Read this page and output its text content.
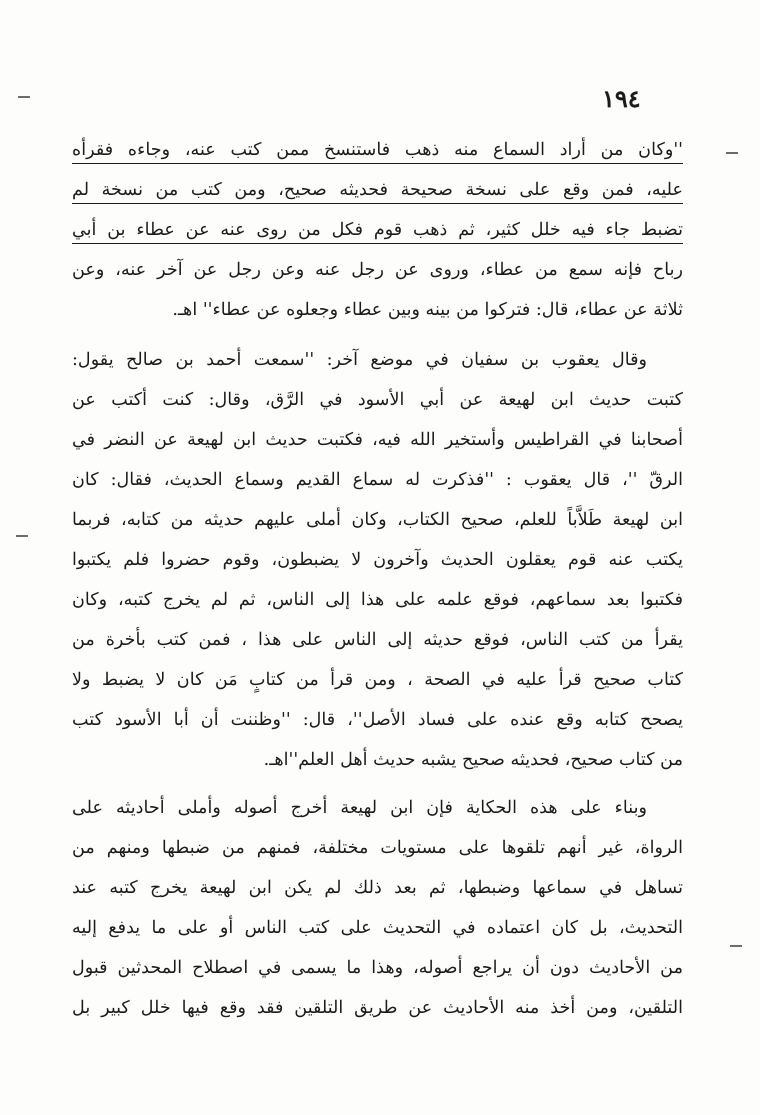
١٩٤
''وكان من أراد السماع منه ذهب فاستنسخ ممن كتب عنه، وجاءه فقرأه
عليه، فمن وقع على نسخة صحيحة فحديثه صحيح، ومن كتب من نسخة لم
تضبط جاء فيه خلل كثير، ثم ذهب قوم فكل من روى عنه عن عطاء بن أبي
رباح فإنه سمع من عطاء، وروى عن رجل عنه وعن رجل عن آخر عنه، وعن
ثلاثة عن عطاء، قال: فتركوا من بينه وبين عطاء وجعلوه عن عطاء'' اهـ.
وقال يعقوب بن سفيان في موضع آخر: ''سمعت أحمد بن صالح يقول:
كتبت حديث ابن لهيعة عن أبي الأسود في الرَّق، وقال: كنت أكتب عن
أصحابنا في القراطيس وأستخير الله فيه، فكتبت حديث ابن لهيعة عن النضر في
الرقّ ''، قال يعقوب : ''فذكرت له سماع القديم وسماع الحديث، فقال: كان
ابن لهيعة طَلاَّباً للعلم، صحيح الكتاب، وكان أملى عليهم حديثه من كتابه، فربما
يكتب عنه قوم يعقلون الحديث وآخرون لا يضبطون، وقوم حضروا فلم يكتبوا
فكتبوا بعد سماعهم، فوقع علمه على هذا إلى الناس، ثم لم يخرج كتبه، وكان
يقرأ من كتب الناس، فوقع حديثه إلى الناس على هذا ، فمن كتب بأخرة من
كتاب صحيح قرأ عليه في الصحة ، ومن قرأ من كتابٍ مَن كان لا يضبط ولا
يصحح كتابه وقع عنده على فساد الأصل''، قال: ''وظننت أن أبا الأسود كتب
من كتاب صحيح، فحديثه صحيح يشبه حديث أهل العلم''اهـ.
وبناء على هذه الحكاية فإن ابن لهيعة أخرج أصوله وأملى أحاديثه على
الرواة، غير أنهم تلقوها على مستويات مختلفة، فمنهم من ضبطها ومنهم من
تساهل في سماعها وضبطها، ثم بعد ذلك لم يكن ابن لهيعة يخرج كتبه عند
التحديث، بل كان اعتماده في التحديث على كتب الناس أو على ما يدفع إليه
من الأحاديث دون أن يراجع أصوله، وهذا ما يسمى في اصطلاح المحدثين قبول
التلقين، ومن أخذ منه الأحاديث عن طريق التلقين فقد وقع فيها خلل كبير بل
